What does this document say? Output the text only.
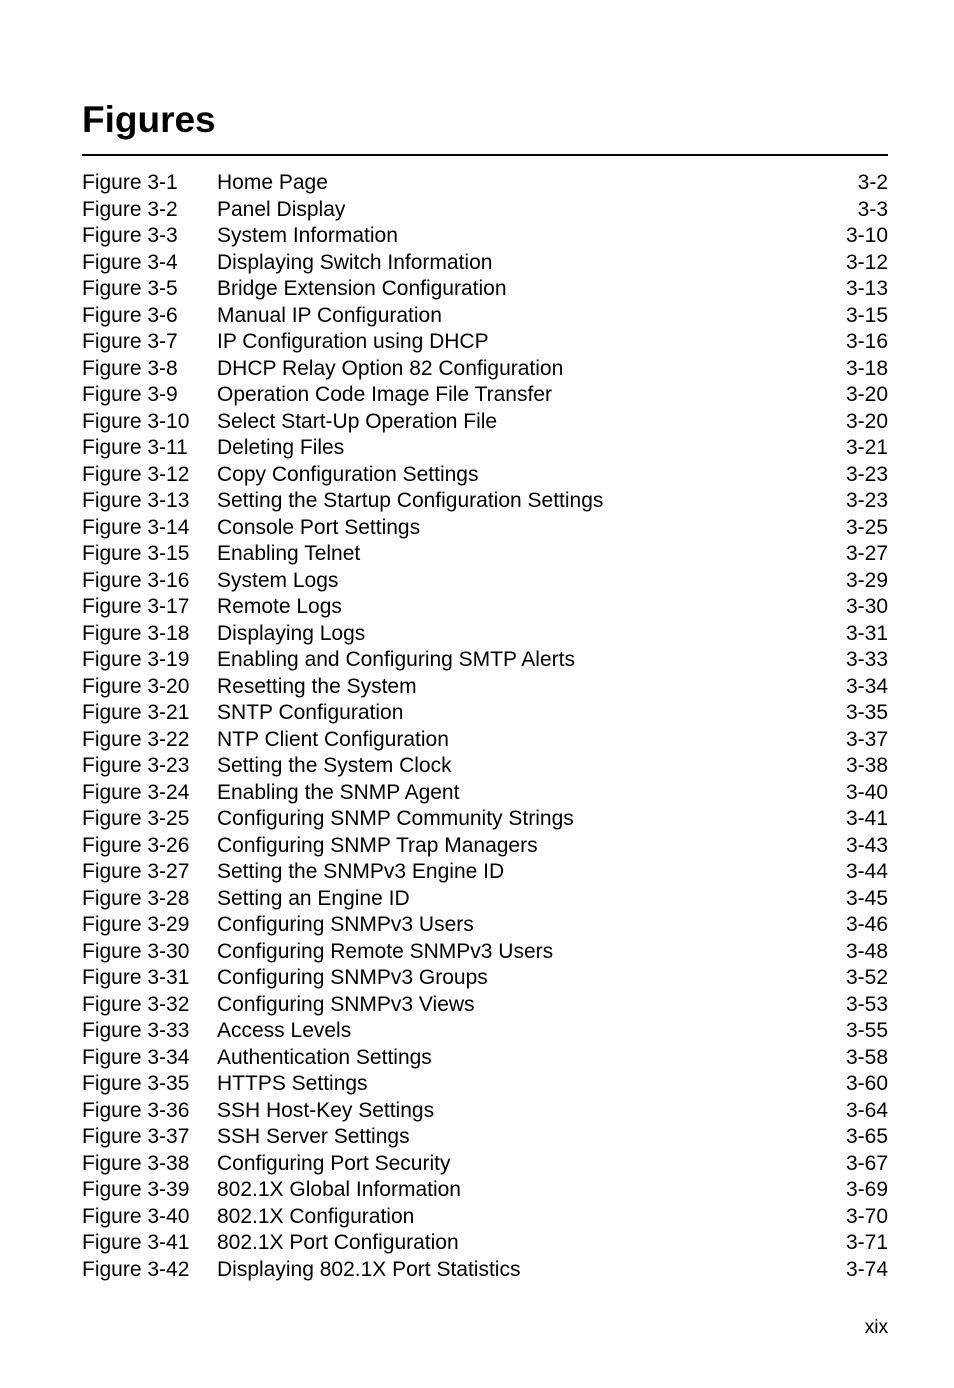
Figures
Figure 3-1 Home Page	3-2
Figure 3-2 Panel Display	3-3
Figure 3-3 System Information	3-10
Figure 3-4 Displaying Switch Information	3-12
Figure 3-5 Bridge Extension Configuration	3-13
Figure 3-6 Manual IP Configuration	3-15
Figure 3-7 IP Configuration using DHCP	3-16
Figure 3-8 DHCP Relay Option 82 Configuration	3-18
Figure 3-9 Operation Code Image File Transfer	3-20
Figure 3-10 Select Start-Up Operation File	3-20
Figure 3-11 Deleting Files	3-21
Figure 3-12 Copy Configuration Settings	3-23
Figure 3-13 Setting the Startup Configuration Settings	3-23
Figure 3-14 Console Port Settings	3-25
Figure 3-15 Enabling Telnet	3-27
Figure 3-16 System Logs	3-29
Figure 3-17 Remote Logs	3-30
Figure 3-18 Displaying Logs	3-31
Figure 3-19 Enabling and Configuring SMTP Alerts	3-33
Figure 3-20 Resetting the System	3-34
Figure 3-21 SNTP Configuration	3-35
Figure 3-22 NTP Client Configuration	3-37
Figure 3-23 Setting the System Clock	3-38
Figure 3-24 Enabling the SNMP Agent	3-40
Figure 3-25 Configuring SNMP Community Strings	3-41
Figure 3-26 Configuring SNMP Trap Managers	3-43
Figure 3-27 Setting the SNMPv3 Engine ID	3-44
Figure 3-28 Setting an Engine ID	3-45
Figure 3-29 Configuring SNMPv3 Users	3-46
Figure 3-30 Configuring Remote SNMPv3 Users	3-48
Figure 3-31 Configuring SNMPv3 Groups	3-52
Figure 3-32 Configuring SNMPv3 Views	3-53
Figure 3-33 Access Levels	3-55
Figure 3-34 Authentication Settings	3-58
Figure 3-35 HTTPS Settings	3-60
Figure 3-36 SSH Host-Key Settings	3-64
Figure 3-37 SSH Server Settings	3-65
Figure 3-38 Configuring Port Security	3-67
Figure 3-39 802.1X Global Information	3-69
Figure 3-40 802.1X Configuration	3-70
Figure 3-41 802.1X Port Configuration	3-71
Figure 3-42 Displaying 802.1X Port Statistics	3-74
xix
